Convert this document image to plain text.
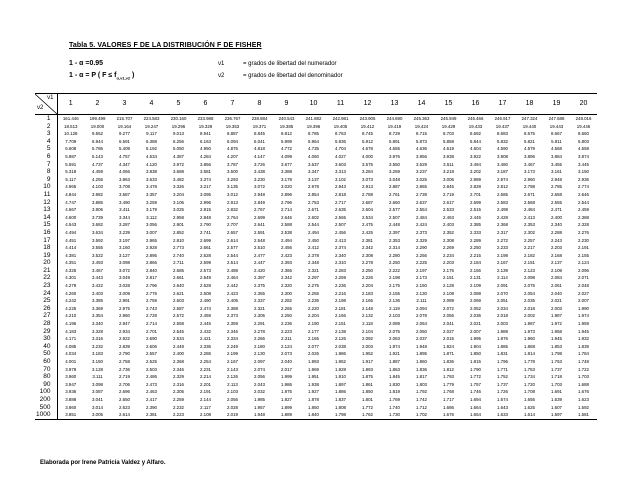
Tabla 5. VALORES F DE LA DISTRIBUCIÓN F DE FISHER
1 - α =0.95
1 - α = P ( $F \le f_{\alpha,\nu 1,\nu 2}$ )
ν1	= grados de libertad del numerador
ν2	= grados de libertad del denominador
ν1
ν2	1	2	3	4	5	6	7	8	9	10	11	12	13	14	15	16	17	18	19	20
1	161.446	199.499	215.707	224.583	230.160	233.988	236.767	238.884	240.543	241.882	242.981	243.905	244.690	245.363	245.949	246.466	246.917	247.324	247.688	248.016
2	18.513	19.000	19.164	19.247	19.296	19.329	19.353	19.371	19.385	19.396	19.405	19.412	19.419	19.424	19.429	19.433	19.437	19.440	19.443	19.446
3	10.128	9.552	9.277	9.117	9.013	8.941	8.887	8.845	8.812	8.785	8.763	8.745	8.729	8.715	8.703	8.692	8.683	8.675	8.667	8.660
4	7.709	6.944	6.591	6.388	6.256	6.163	6.094	6.041	5.999	5.964	5.936	5.912	5.891	5.873	5.858	5.844	5.832	5.821	5.811	5.803
5	6.608	5.786	5.409	5.192	5.050	4.950	4.876	4.818	4.772	4.735	4.704	4.678	4.655	4.636	4.619	4.604	4.590	4.579	4.568	4.558
6	5.987	5.143	4.757	4.534	4.387	4.284	4.207	4.147	4.099	4.060	4.027	4.000	3.976	3.956	3.938	3.922	3.908	3.896	3.884	3.874
7	5.591	4.737	4.347	4.120	3.972	3.866	3.787	3.726	3.677	3.637	3.603	3.575	3.550	3.529	3.511	3.494	3.480	3.467	3.455	3.445
8	5.318	4.459	4.066	3.838	3.688	3.581	3.500	3.438	3.388	3.347	3.313	3.284	3.259	3.237	3.218	3.202	3.187	3.173	3.161	3.150
9	5.117	4.256	3.863	3.633	3.482	3.374	3.293	3.230	3.179	3.137	3.102	3.073	3.048	3.025	3.006	2.989	2.974	2.960	2.948	2.936
10	4.965	4.103	3.708	3.478	3.326	3.217	3.135	3.072	3.020	2.978	2.943	2.913	2.887	2.865	2.845	2.828	2.812	2.798	2.785	2.774
11	4.844	3.982	3.587	3.357	3.204	3.095	3.012	2.948	2.896	2.854	2.818	2.788	2.761	2.739	2.719	2.701	2.685	2.671	2.658	2.646
12	4.747	3.885	3.490	3.259	3.106	2.996	2.913	2.849	2.796	2.753	2.717	2.687	2.660	2.637	2.617	2.599	2.583	2.568	2.555	2.544
13	4.667	3.806	3.411	3.179	3.025	2.915	2.832	2.767	2.714	2.671	2.635	2.604	2.577	2.554	2.533	2.515	2.499	2.484	2.471	2.459
14	4.600	3.739	3.344	3.112	2.958	2.848	2.764	2.699	2.646	2.602	2.565	2.534	2.507	2.484	2.463	2.445	2.428	2.413	2.400	2.388
15	4.543	3.682	3.287	3.056	2.901	2.790	2.707	2.641	2.588	2.544	2.507	2.475	2.448	2.424	2.403	2.385	2.368	2.353	2.340	2.328
16	4.494	3.634	3.239	3.007	2.852	2.741	2.657	2.591	2.538	2.494	2.456	2.425	2.397	2.373	2.352	2.333	2.317	2.302	2.288	2.276
17	4.451	3.592	3.197	2.965	2.810	2.699	2.614	2.548	2.494	2.450	2.413	2.381	2.353	2.329	2.308	2.289	2.272	2.257	2.243	2.230
18	4.414	3.555	3.160	2.928	2.773	2.661	2.577	2.510	2.456	2.412	2.374	2.342	2.314	2.290	2.269	2.250	2.233	2.217	2.203	2.191
19	4.381	3.522	3.127	2.895	2.740	2.628	2.544	2.477	2.423	2.378	2.340	2.308	2.280	2.256	2.234	2.215	2.198	2.182	2.168	2.155
20	4.351	3.493	3.098	2.866	2.711	2.599	2.514	2.447	2.393	2.348	2.310	2.278	2.250	2.225	2.203	2.184	2.167	2.151	2.137	2.124
21	4.325	3.467	3.072	2.840	2.685	2.573	2.488	2.420	2.366	2.321	2.283	2.250	2.222	2.197	2.176	2.156	2.139	2.123	2.109	2.096
22	4.301	3.443	3.049	2.817	2.661	2.549	2.464	2.397	2.342	2.297	2.259	2.226	2.198	2.173	2.151	2.131	2.114	2.098	2.084	2.071
23	4.279	3.422	3.028	2.796	2.640	2.528	2.442	2.375	2.320	2.275	2.236	2.204	2.175	2.150	2.128	2.109	2.091	2.075	2.061	2.048
24	4.260	3.403	3.009	2.776	2.621	2.508	2.423	2.355	2.300	2.255	2.216	2.183	2.155	2.130	2.108	2.088	2.070	2.054	2.040	2.027
25	4.242	3.385	2.991	2.759	2.603	2.490	2.405	2.337	2.282	2.236	2.198	2.165	2.136	2.111	2.089	2.069	2.051	2.035	2.021	2.007
26	4.225	3.369	2.975	2.743	2.587	2.474	2.388	2.321	2.265	2.220	2.181	2.148	2.119	2.094	2.072	2.052	2.034	2.018	2.003	1.990
27	4.210	3.354	2.960	2.728	2.572	2.459	2.373	2.305	2.250	2.204	2.166	2.132	2.103	2.078	2.056	2.036	2.018	2.002	1.987	1.974
28	4.196	3.340	2.947	2.714	2.558	2.445	2.359	2.291	2.236	2.190	2.151	2.118	2.089	2.064	2.041	2.021	2.003	1.987	1.972	1.959
29	4.183	3.328	2.934	2.701	2.545	2.432	2.346	2.278	2.223	2.177	2.138	2.104	2.075	2.050	2.027	2.007	1.989	1.973	1.958	1.945
30	4.171	3.316	2.922	2.690	2.534	2.421	2.334	2.266	2.211	2.165	2.126	2.092	2.063	2.037	2.015	1.995	1.976	1.960	1.945	1.932
40	4.085	3.232	2.839	2.606	2.449	2.336	2.249	2.180	2.124	2.077	2.038	2.003	1.974	1.948	1.924	1.904	1.885	1.868	1.853	1.839
50	4.034	3.183	2.790	2.557	2.400	2.286	2.199	2.130	2.073	2.026	1.986	1.952	1.921	1.895	1.871	1.850	1.831	1.814	1.798	1.784
60	4.001	3.150	2.758	2.525	2.368	2.254	2.167	2.097	2.040	1.993	1.952	1.917	1.887	1.860	1.836	1.815	1.796	1.778	1.763	1.748
70	3.978	3.128	2.736	2.503	2.346	2.231	2.143	2.074	2.017	1.969	1.928	1.893	1.863	1.836	1.812	1.790	1.771	1.753	1.737	1.722
80	3.960	3.111	2.719	2.486	2.329	2.214	2.126	2.056	1.999	1.951	1.910	1.875	1.845	1.817	1.793	1.772	1.752	1.734	1.718	1.703
90	3.947	3.098	2.706	2.473	2.316	2.201	2.113	2.043	1.986	1.938	1.897	1.861	1.830	1.803	1.779	1.757	1.737	1.720	1.703	1.688
100	3.936	3.087	2.696	2.463	2.305	2.191	2.103	2.032	1.975	1.927	1.886	1.850	1.819	1.792	1.768	1.746	1.726	1.708	1.691	1.676
200	3.888	3.041	2.650	2.417	2.259	2.144	2.056	1.985	1.927	1.878	1.837	1.801	1.769	1.742	1.717	1.694	1.674	1.656	1.639	1.623
500	3.860	3.014	2.623	2.390	2.232	2.117	2.028	1.957	1.899	1.850	1.808	1.772	1.740	1.712	1.686	1.664	1.643	1.625	1.607	1.592
1000	3.851	3.005	2.614	2.381	2.223	2.108	2.019	1.948	1.889	1.840	1.798	1.762	1.730	1.702	1.676	1.654	1.633	1.614	1.597	1.581
Elaborada por Irene Patricia Valdez y Alfaro.
